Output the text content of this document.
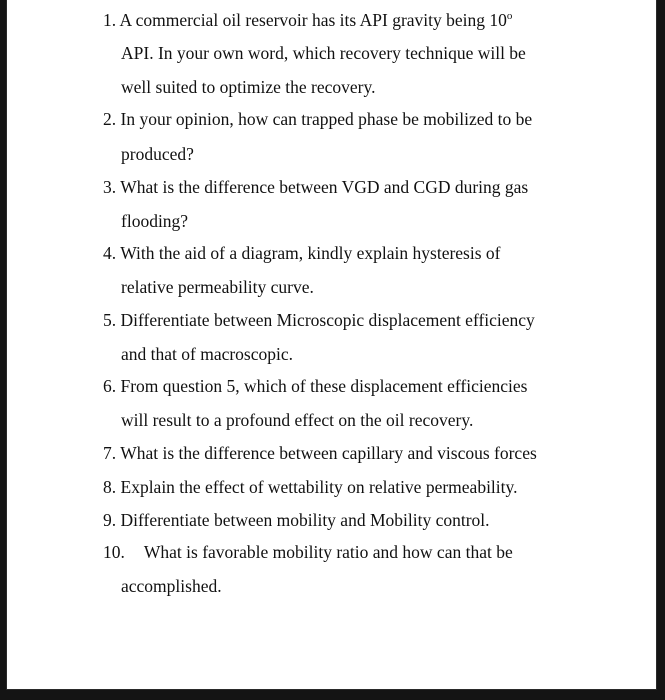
1. A commercial oil reservoir has its API gravity being 10$^o$
API. In your own word, which recovery technique will be
well suited to optimize the recovery.
2. In your opinion, how can trapped phase be mobilized to be
produced?
3. What is the difference between VGD and CGD during gas
flooding?
4. With the aid of a diagram, kindly explain hysteresis of
relative permeability curve.
5. Differentiate between Microscopic displacement efficiency
and that of macroscopic.
6. From question 5, which of these displacement efficiencies
will result to a profound effect on the oil recovery.
7. What is the difference between capillary and viscous forces
8. Explain the effect of wettability on relative permeability.
9. Differentiate between mobility and Mobility control.
10. What is favorable mobility ratio and how can that be
accomplished.
